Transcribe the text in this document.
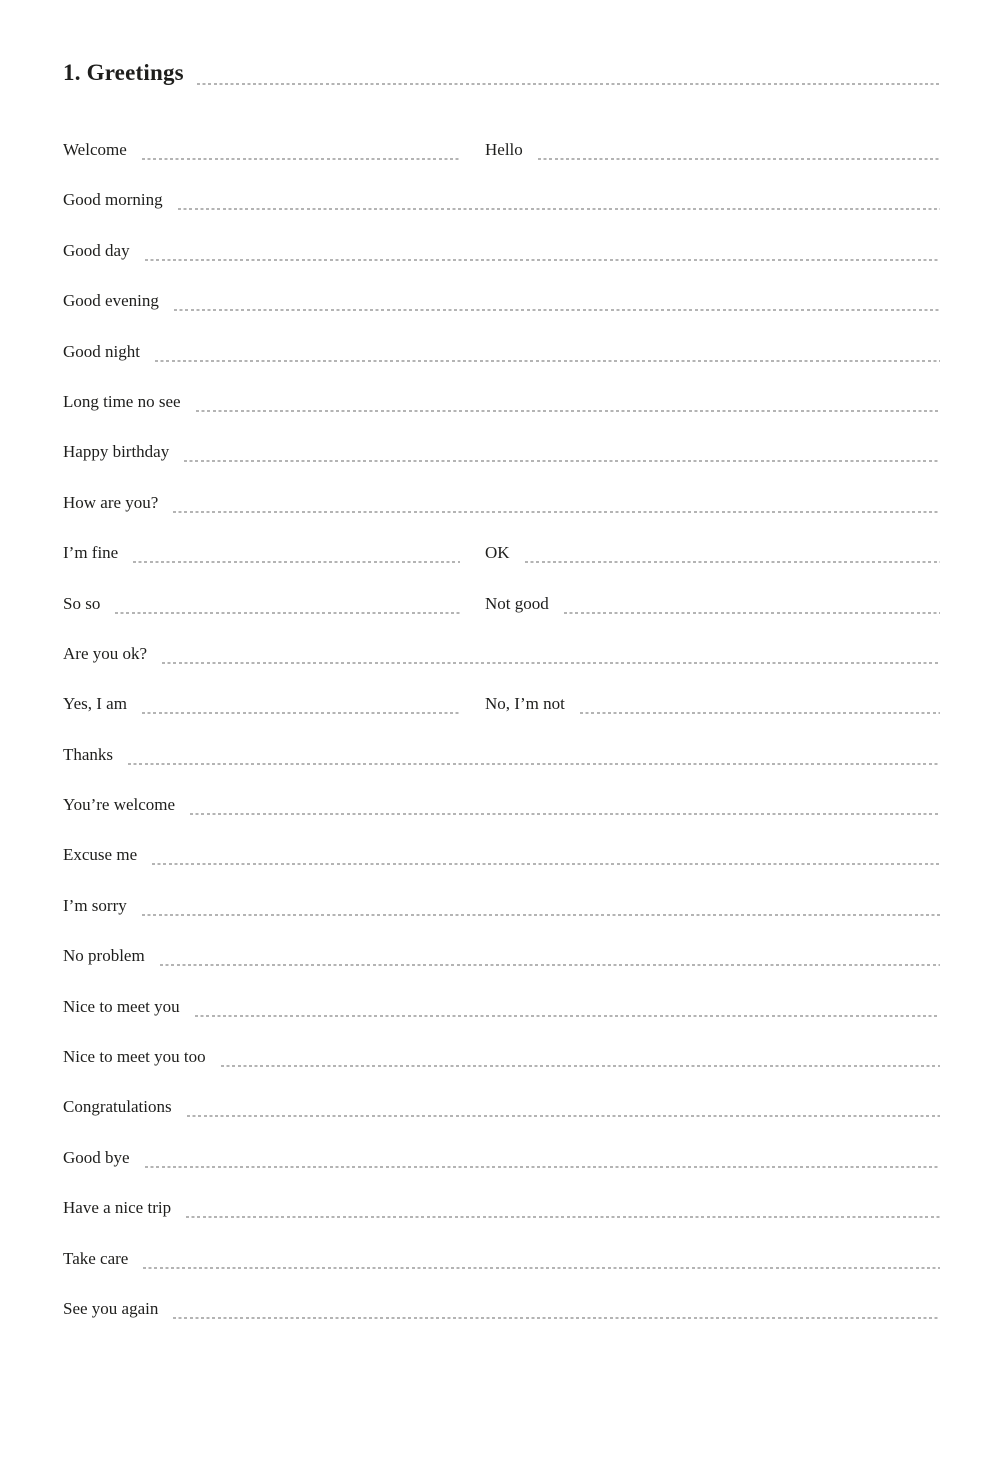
1. Greetings
Welcome	Hello
Good morning
Good day
Good evening
Good night
Long time no see
Happy birthday
How are you?
I’m fine	OK
So so	Not good
Are you ok?
Yes, I am	No, I’m not
Thanks
You’re welcome
Excuse me
I’m sorry
No problem
Nice to meet you
Nice to meet you too
Congratulations
Good bye
Have a nice trip
Take care
See you again
